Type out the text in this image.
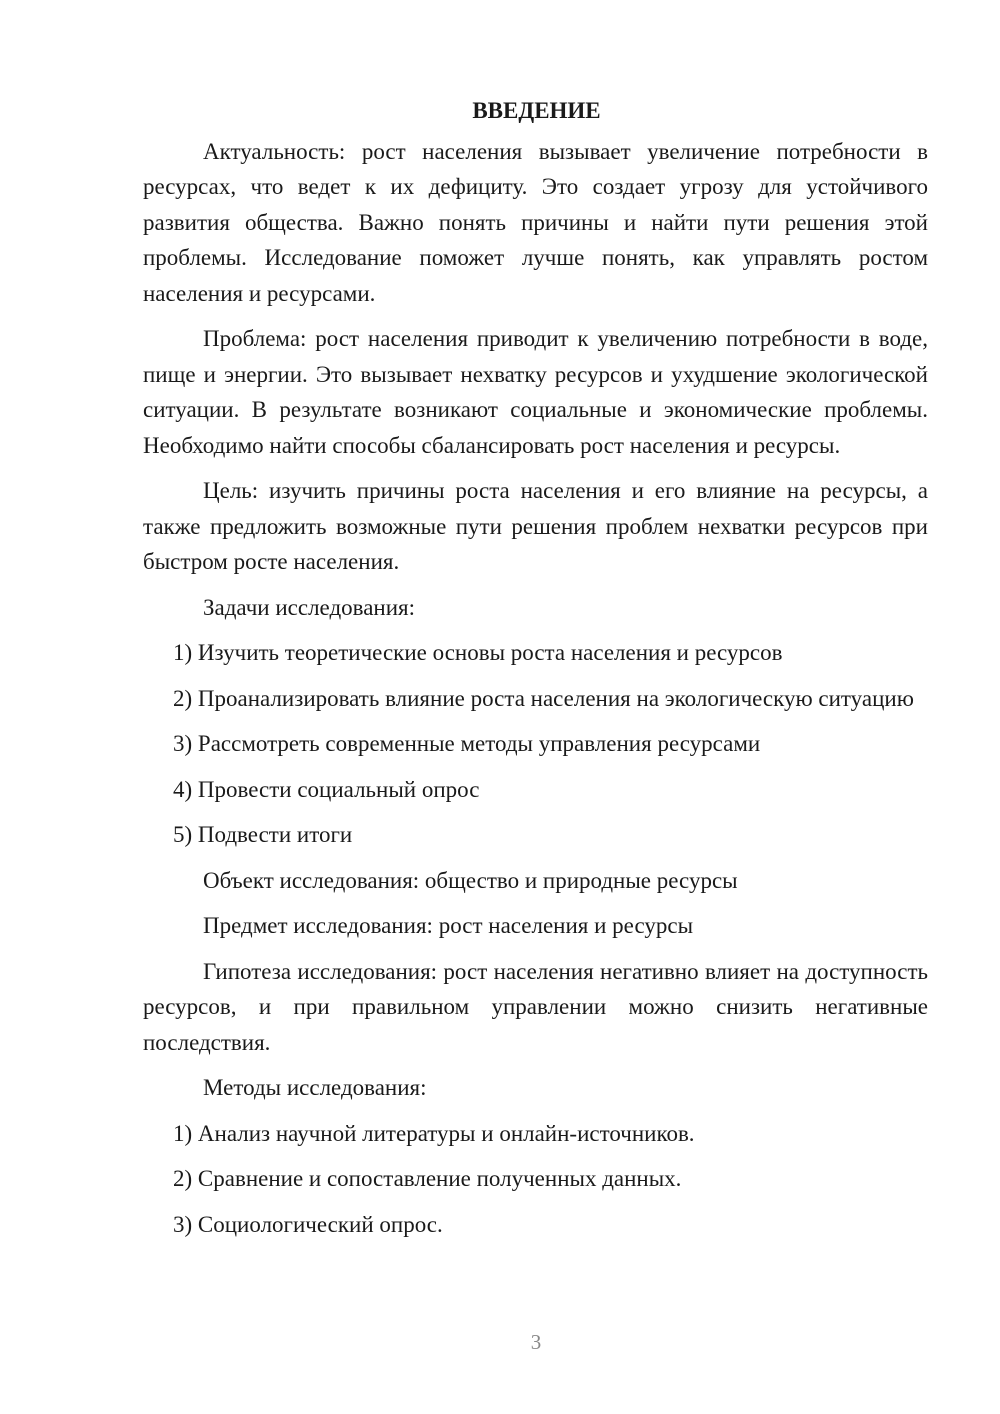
ВВЕДЕНИЕ
Актуальность: рост населения вызывает увеличение потребности в ресурсах, что ведет к их дефициту. Это создает угрозу для устойчивого развития общества. Важно понять причины и найти пути решения этой проблемы. Исследование поможет лучше понять, как управлять ростом населения и ресурсами.
Проблема: рост населения приводит к увеличению потребности в воде, пище и энергии. Это вызывает нехватку ресурсов и ухудшение экологической ситуации. В результате возникают социальные и экономические проблемы. Необходимо найти способы сбалансировать рост населения и ресурсы.
Цель: изучить причины роста населения и его влияние на ресурсы, а также предложить возможные пути решения проблем нехватки ресурсов при быстром росте населения.
Задачи исследования:
1) Изучить теоретические основы роста населения и ресурсов
2) Проанализировать влияние роста населения на экологическую ситуацию
3) Рассмотреть современные методы управления ресурсами
4) Провести социальный опрос
5) Подвести итоги
Объект исследования: общество и природные ресурсы
Предмет исследования: рост населения и ресурсы
Гипотеза исследования: рост населения негативно влияет на доступность ресурсов, и при правильном управлении можно снизить негативные последствия.
Методы исследования:
1) Анализ научной литературы и онлайн-источников.
2) Сравнение и сопоставление полученных данных.
3) Социологический опрос.
3
